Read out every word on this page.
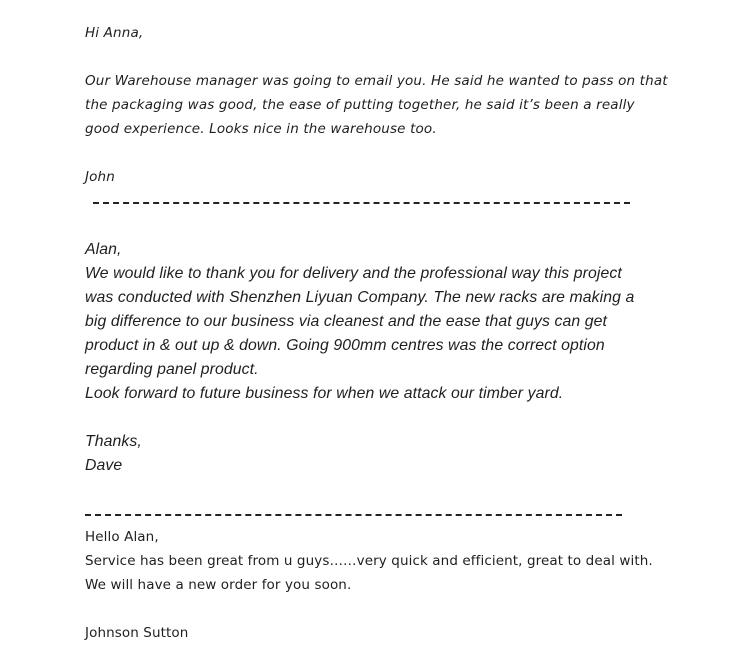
Hi Anna,

Our Warehouse manager was going to email you. He said he wanted to pass on that

the packaging was good, the ease of putting together, he said it’s been a really

good experience. Looks nice in the warehouse too.

John

Alan,

We would like to thank you for delivery and the professional way this project

was conducted with Shenzhen Liyuan Company. The new racks are making a

big difference to our business via cleanest and the ease that guys can get

product in & out up & down. Going 900mm centres was the correct option

regarding panel product.

Look forward to future business for when we attack our timber yard.

Thanks,

Dave

Hello Alan,

Service has been great from u guys……very quick and efficient, great to deal with.

We will have a new order for you soon.

Johnson Sutton
